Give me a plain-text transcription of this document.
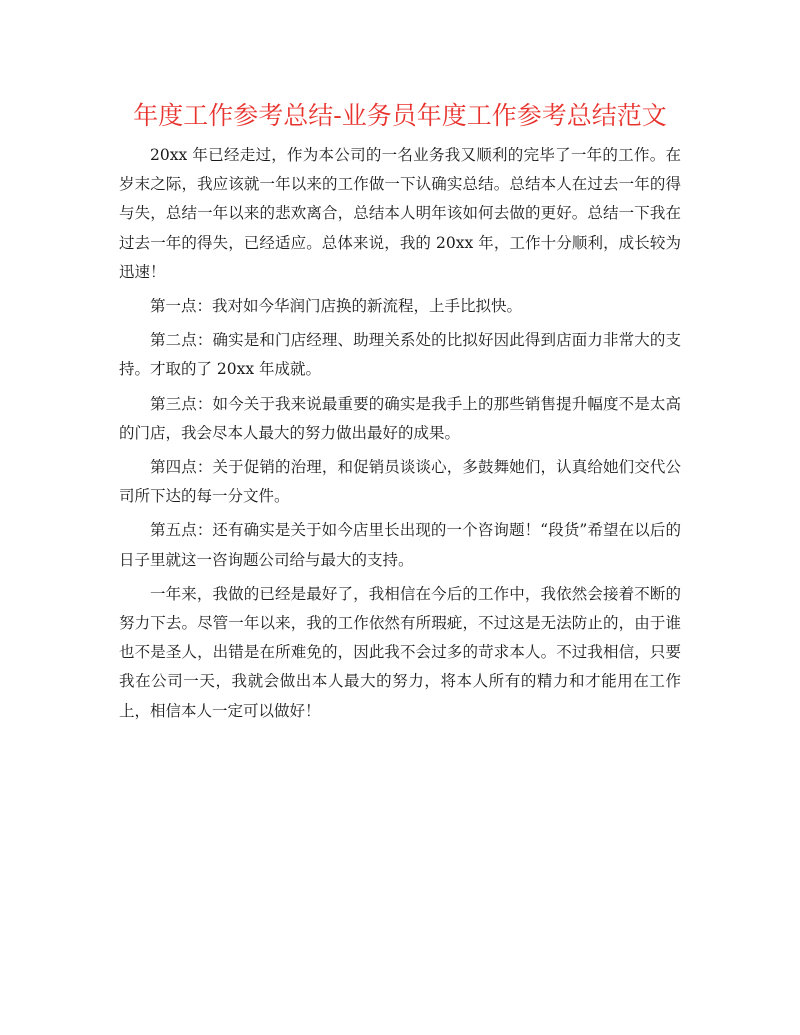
年度工作参考总结-业务员年度工作参考总结范文

20xx 年已经走过，作为本公司的一名业务我又顺利的完毕了一年的工作。在岁末之际，我应该就一年以来的工作做一下认确实总结。总结本人在过去一年的得与失，总结一年以来的悲欢离合，总结本人明年该如何去做的更好。总结一下我在过去一年的得失，已经适应。总体来说，我的 20xx 年，工作十分顺利，成长较为迅速！

第一点：我对如今华润门店换的新流程，上手比拟快。

第二点：确实是和门店经理、助理关系处的比拟好因此得到店面力非常大的支持。才取的了 20xx 年成就。

第三点：如今关于我来说最重要的确实是我手上的那些销售提升幅度不是太高的门店，我会尽本人最大的努力做出最好的成果。

第四点：关于促销的治理，和促销员谈谈心，多鼓舞她们，认真给她们交代公司所下达的每一分文件。

第五点：还有确实是关于如今店里长出现的一个咨询题！“段货”希望在以后的日子里就这一咨询题公司给与最大的支持。

一年来，我做的已经是最好了，我相信在今后的工作中，我依然会接着不断的努力下去。尽管一年以来，我的工作依然有所瑕疵，不过这是无法防止的，由于谁也不是圣人，出错是在所难免的，因此我不会过多的苛求本人。不过我相信，只要我在公司一天，我就会做出本人最大的努力，将本人所有的精力和才能用在工作上，相信本人一定可以做好！
